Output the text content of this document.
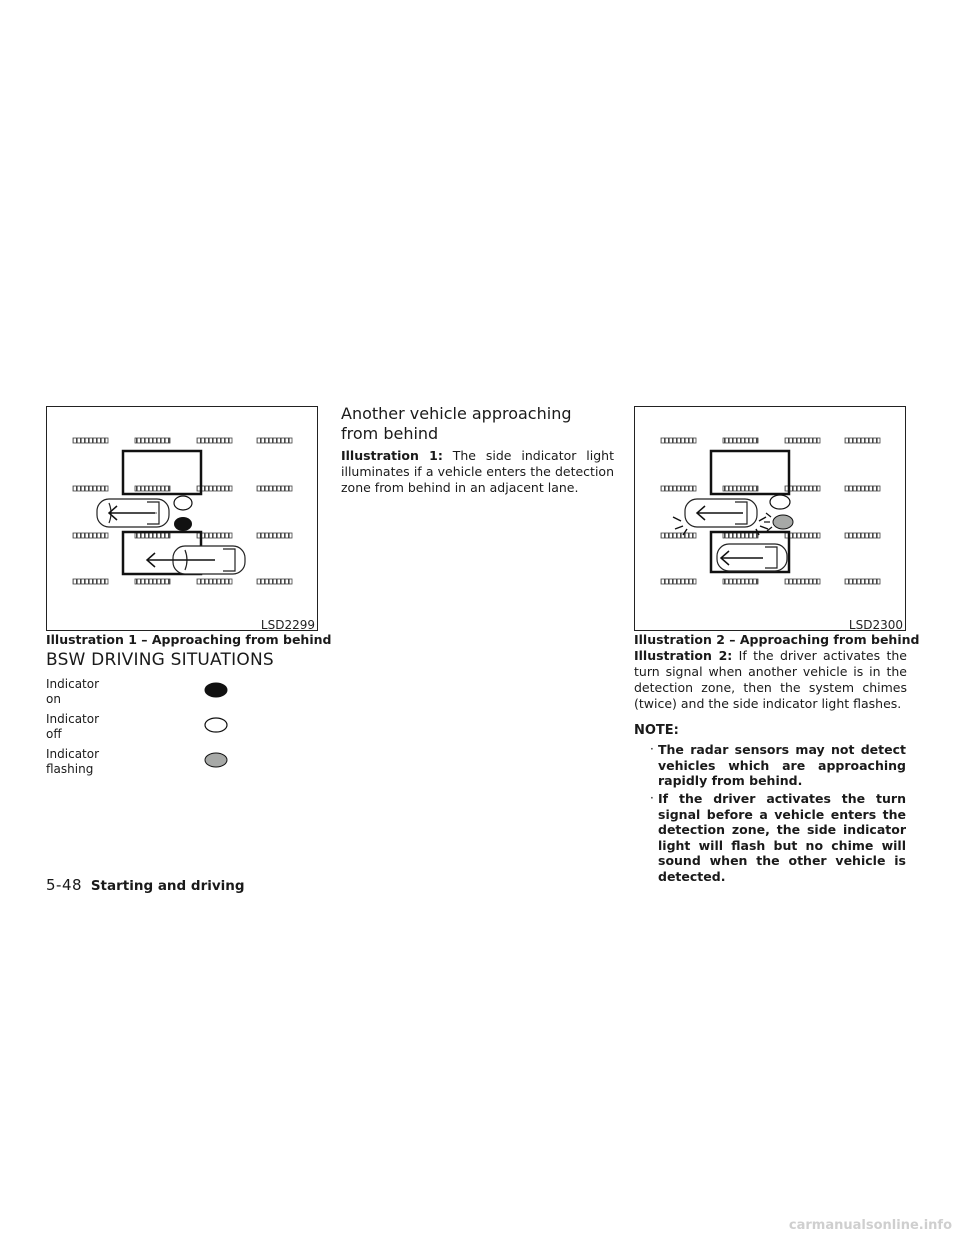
LSD2299
Illustration 1 – Approaching from behind
BSW DRIVING SITUATIONS
Indicator on
Indicator off
Indicator flashing
Another vehicle approaching from behind

Illustration 1: The side indicator light illuminates if a vehicle enters the detection zone from behind in an adjacent lane.

LSD2300
Illustration 2 – Approaching from behind

Illustration 2: If the driver activates the turn signal when another vehicle is in the detection zone, then the system chimes (twice) and the side indicator light flashes.

NOTE:
· The radar sensors may not detect vehicles which are approaching rapidly from behind.
· If the driver activates the turn signal before a vehicle enters the detection zone, the side indicator light will flash but no chime will sound when the other vehicle is detected.
5-48 Starting and driving
carmanualsonline.info
